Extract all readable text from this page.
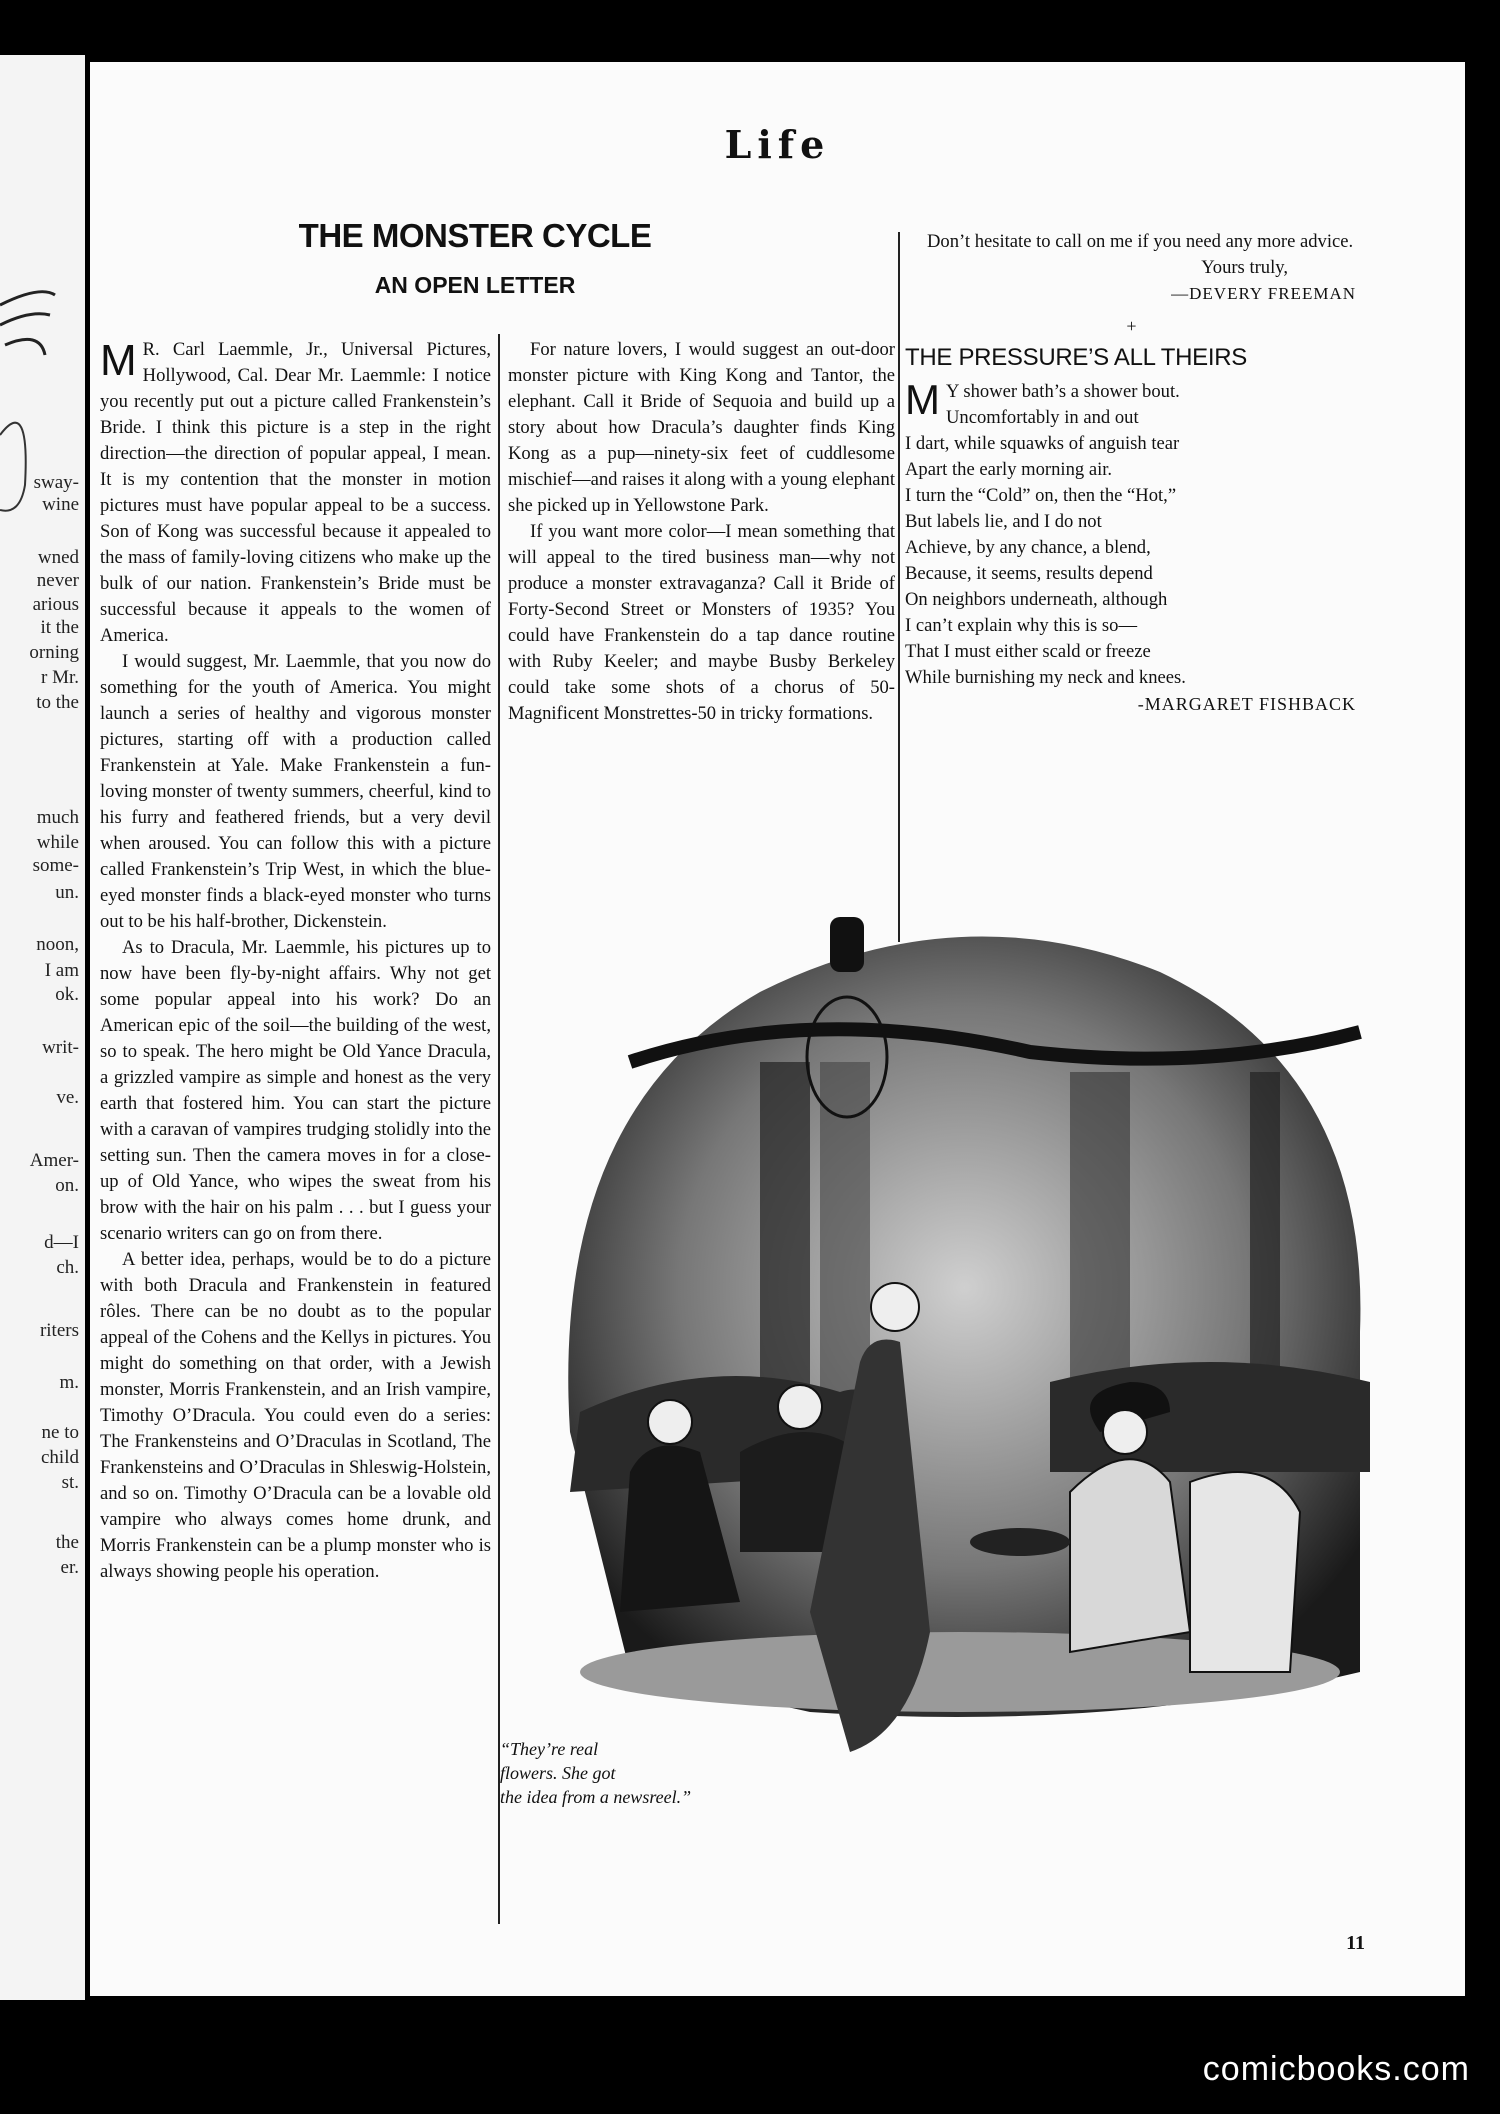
sway-
wine
wned
never
arious
it the
orning
r Mr.
to the
much
while
some-
un.
noon,
I am
ok.
writ-
ve.
Amer-
on.
d—I
ch.
riters
m.
ne to
child
st.
the
er.
Life
THE MONSTER CYCLE
AN OPEN LETTER

M R. Carl Laemmle, Jr., Universal Pictures, Hollywood, Cal. Dear Mr. Laemmle: I notice you recently put out a picture called Frankenstein’s Bride. I think this picture is a step in the right direction—the direction of popular appeal, I mean. It is my contention that the monster in motion pictures must have popular appeal to be a success. Son of Kong was successful because it appealed to the mass of family-loving citizens who make up the bulk of our nation. Frankenstein’s Bride must be successful because it appeals to the women of America.

I would suggest, Mr. Laemmle, that you now do something for the youth of America. You might launch a series of healthy and vigorous monster pictures, starting off with a production called Frankenstein at Yale. Make Frankenstein a fun-loving monster of twenty summers, cheerful, kind to his furry and feathered friends, but a very devil when aroused. You can follow this with a picture called Frankenstein’s Trip West, in which the blue-eyed monster finds a black-eyed monster who turns out to be his half-brother, Dickenstein.

As to Dracula, Mr. Laemmle, his pictures up to now have been fly-by-night affairs. Why not get some popular appeal into his work? Do an American epic of the soil—the building of the west, so to speak. The hero might be Old Yance Dracula, a grizzled vampire as simple and honest as the very earth that fostered him. You can start the picture with a caravan of vampires trudging stolidly into the setting sun. Then the camera moves in for a close-up of Old Yance, who wipes the sweat from his brow with the hair on his palm . . . but I guess your scenario writers can go on from there.

A better idea, perhaps, would be to do a picture with both Dracula and Frankenstein in featured rôles. There can be no doubt as to the popular appeal of the Cohens and the Kellys in pictures. You might do something on that order, with a Jewish monster, Morris Frankenstein, and an Irish vampire, Timothy O’Dracula. You could even do a series: The Frankensteins and O’Draculas in Scotland, The Frankensteins and O’Draculas in Shleswig-Holstein, and so on. Timothy O’Dracula can be a lovable old vampire who always comes home drunk, and Morris Frankenstein can be a plump monster who is always showing people his operation.

For nature lovers, I would suggest an out-door monster picture with King Kong and Tantor, the elephant. Call it Bride of Sequoia and build up a story about how Dracula’s daughter finds King Kong as a pup—ninety-six feet of cuddlesome mischief—and raises it along with a young elephant she picked up in Yellowstone Park.

If you want more color—I mean something that will appeal to the tired business man—why not produce a monster extravaganza? Call it Bride of Forty-Second Street or Monsters of 1935? You could have Frankenstein do a tap dance routine with Ruby Keeler; and maybe Busby Berkeley could take some shots of a chorus of 50-Magnificent Monstrettes-50 in tricky formations.

Don’t hesitate to call on me if you need any more advice.

Yours truly,
—DEVERY FREEMAN
+
THE PRESSURE’S ALL THEIRS
M Y shower bath’s a shower bout.
Uncomfortably in and out
I dart, while squawks of anguish tear
Apart the early morning air.
I turn the “Cold” on, then the “Hot,”
But labels lie, and I do not
Achieve, by any chance, a blend,
Because, it seems, results depend
On neighbors underneath, although
I can’t explain why this is so—
That I must either scald or freeze
While burnishing my neck and knees.
-MARGARET FISHBACK
“They’re real
flowers. She got
the idea from a newsreel.”
11
comicbooks.com
